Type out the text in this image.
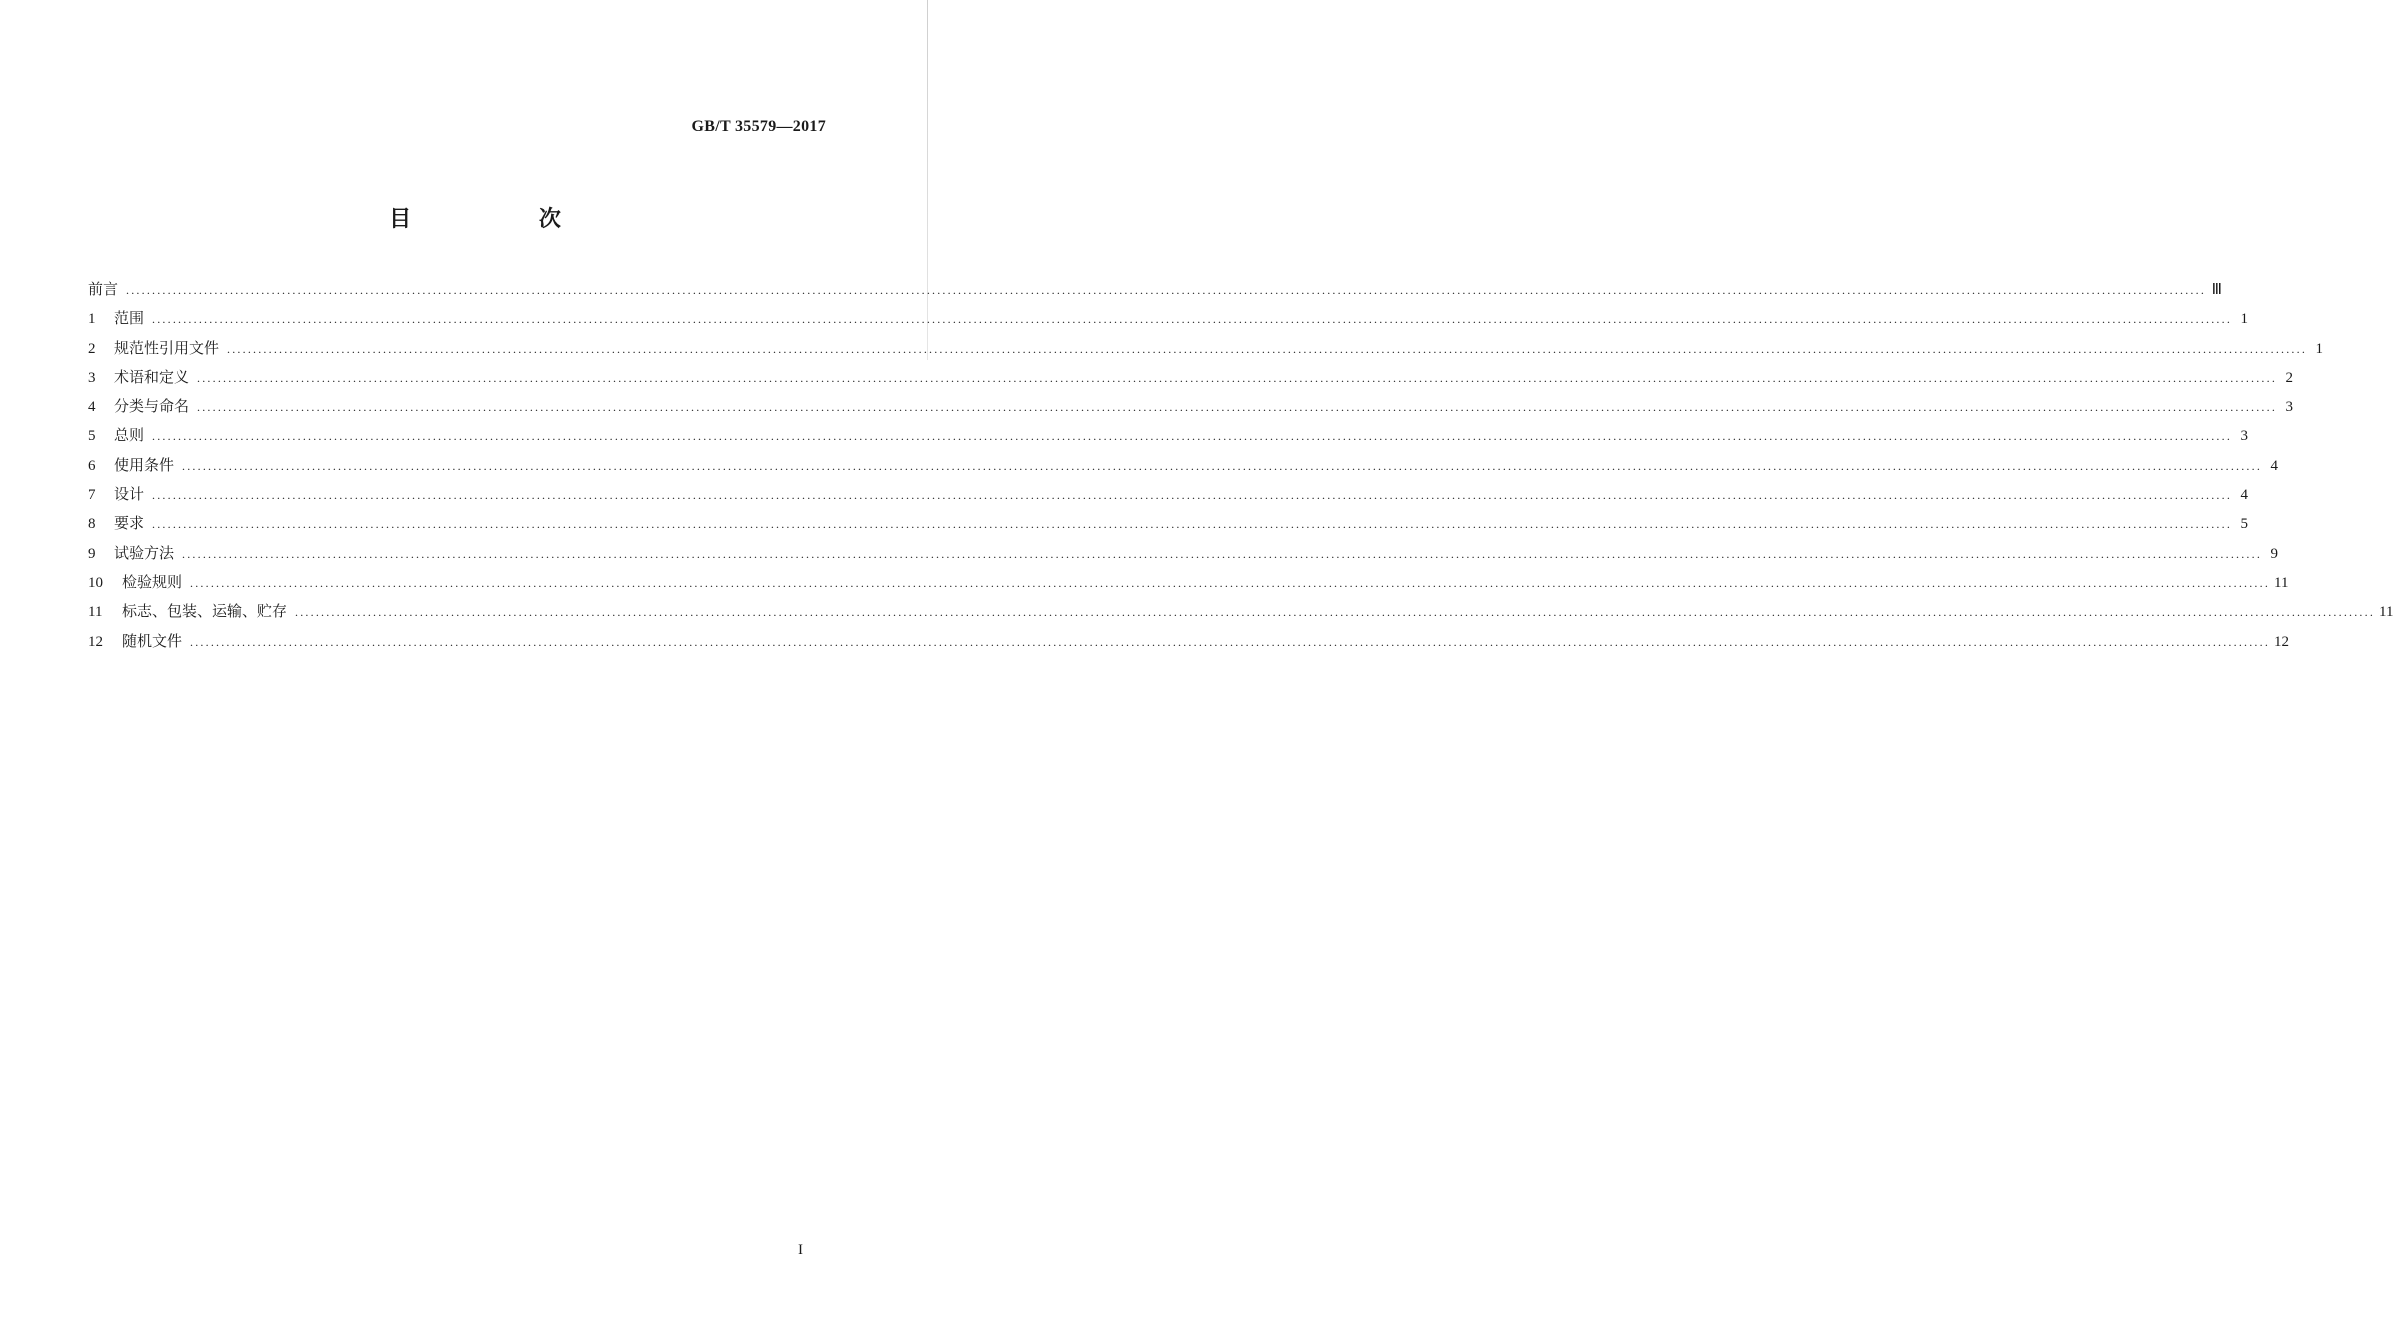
GB/T 35579—2017
目 次
前言 ................................................................................................................................................................................................................................................................................................................................................................................................................ Ⅲ
1	范围 ................................................................................................................................................................................................................................................................................................................................................................................................................ 1
2	规范性引用文件 ................................................................................................................................................................................................................................................................................................................................................................................................................ 1
3	术语和定义 ................................................................................................................................................................................................................................................................................................................................................................................................................ 2
4	分类与命名 ................................................................................................................................................................................................................................................................................................................................................................................................................ 3
5	总则 ................................................................................................................................................................................................................................................................................................................................................................................................................ 3
6	使用条件 ................................................................................................................................................................................................................................................................................................................................................................................................................ 4
7	设计 ................................................................................................................................................................................................................................................................................................................................................................................................................ 4
8	要求 ................................................................................................................................................................................................................................................................................................................................................................................................................ 5
9	试验方法 ................................................................................................................................................................................................................................................................................................................................................................................................................ 9
10	检验规则 ................................................................................................................................................................................................................................................................................................................................................................................................................ 11
11	标志、包装、运输、贮存 ................................................................................................................................................................................................................................................................................................................................................................................................................ 11
12	随机文件 ................................................................................................................................................................................................................................................................................................................................................................................................................ 12
I
